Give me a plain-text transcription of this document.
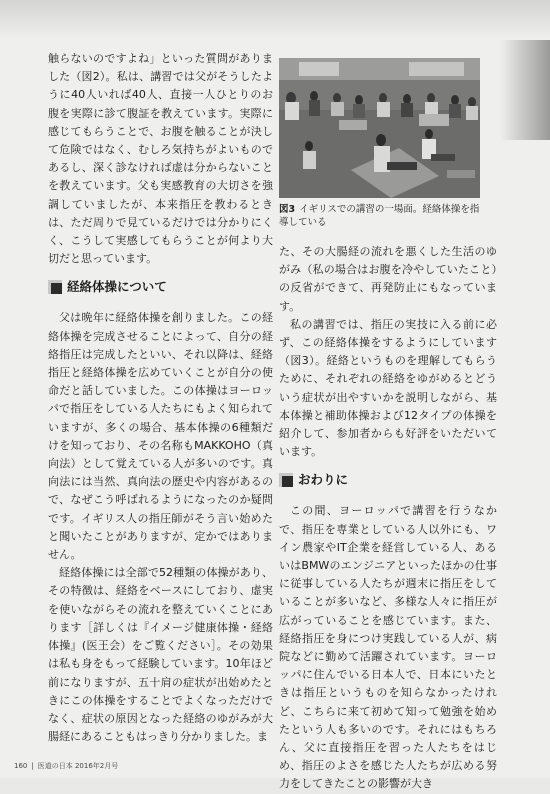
触らないのですよね」といった質問がありました（図2）。私は、講習では父がそうしたように40人いれば40人、直接一人ひとりのお腹を実際に診て腹証を教えています。実際に感じてもらうことで、お腹を触ることが決して危険ではなく、むしろ気持ちがよいものであるし、深く診なければ虚は分からないことを教えています。父も実感教育の大切さを強調していましたが、本来指圧を教わるときは、ただ周りで見ているだけでは分かりにくく、こうして実感してもらうことが何より大切だと思っています。

経絡体操について

父は晩年に経絡体操を創りました。この経絡体操を完成させることによって、自分の経絡指圧は完成したといい、それ以降は、経絡指圧と経絡体操を広めていくことが自分の使命だと話していました。この体操はヨーロッパで指圧をしている人たちにもよく知られていますが、多くの場合、基本体操の6種類だけを知っており、その名称もMAKKOHO（真向法）として覚えている人が多いのです。真向法には当然、真向法の歴史や内容があるので、なぜこう呼ばれるようになったのか疑問です。イギリス人の指圧師がそう言い始めたと聞いたことがありますが、定かではありません。

経絡体操には全部で52種類の体操があり、その特徴は、経絡をベースにしており、虚実を使いながらその流れを整えていくことにあります［詳しくは『イメージ健康体操・経絡体操』(医王会）をご覧ください］。その効果は私も身をもって経験しています。10年ほど前になりますが、五十肩の症状が出始めたときにこの体操をすることでよくなっただけでなく、症状の原因となった経絡のゆがみが大腸経にあることもはっきり分かりました。ま

図3 イギリスでの講習の一場面。経絡体操を指導している

た、その大腸経の流れを悪くした生活のゆがみ（私の場合はお腹を冷やしていたこと）の反省ができて、再発防止にもなっています。

私の講習では、指圧の実技に入る前に必ず、この経絡体操をするようにしています（図3）。経絡というものを理解してもらうために、それぞれの経絡をゆがめるとどういう症状が出やすいかを説明しながら、基本体操と補助体操および12タイプの体操を紹介して、参加者からも好評をいただいています。

おわりに

この間、ヨーロッパで講習を行うなかで、指圧を専業としている人以外にも、ワイン農家やIT企業を経営している人、あるいはBMWのエンジニアといったほかの仕事に従事している人たちが週末に指圧をしていることが多いなど、多様な人々に指圧が広がっていることを感じています。また、経絡指圧を身につけ実践している人が、病院などに勤めて活躍されています。ヨーロッパに住んでいる日本人で、日本にいたときは指圧というものを知らなかったけれど、こちらに来て初めて知って勉強を始めたという人も多いのです。それにはもちろん、父に直接指圧を習った人たちをはじめ、指圧のよさを感じた人たちが広める努力をしてきたことの影響が大き

160 | 医道の日本 2016年2月号
